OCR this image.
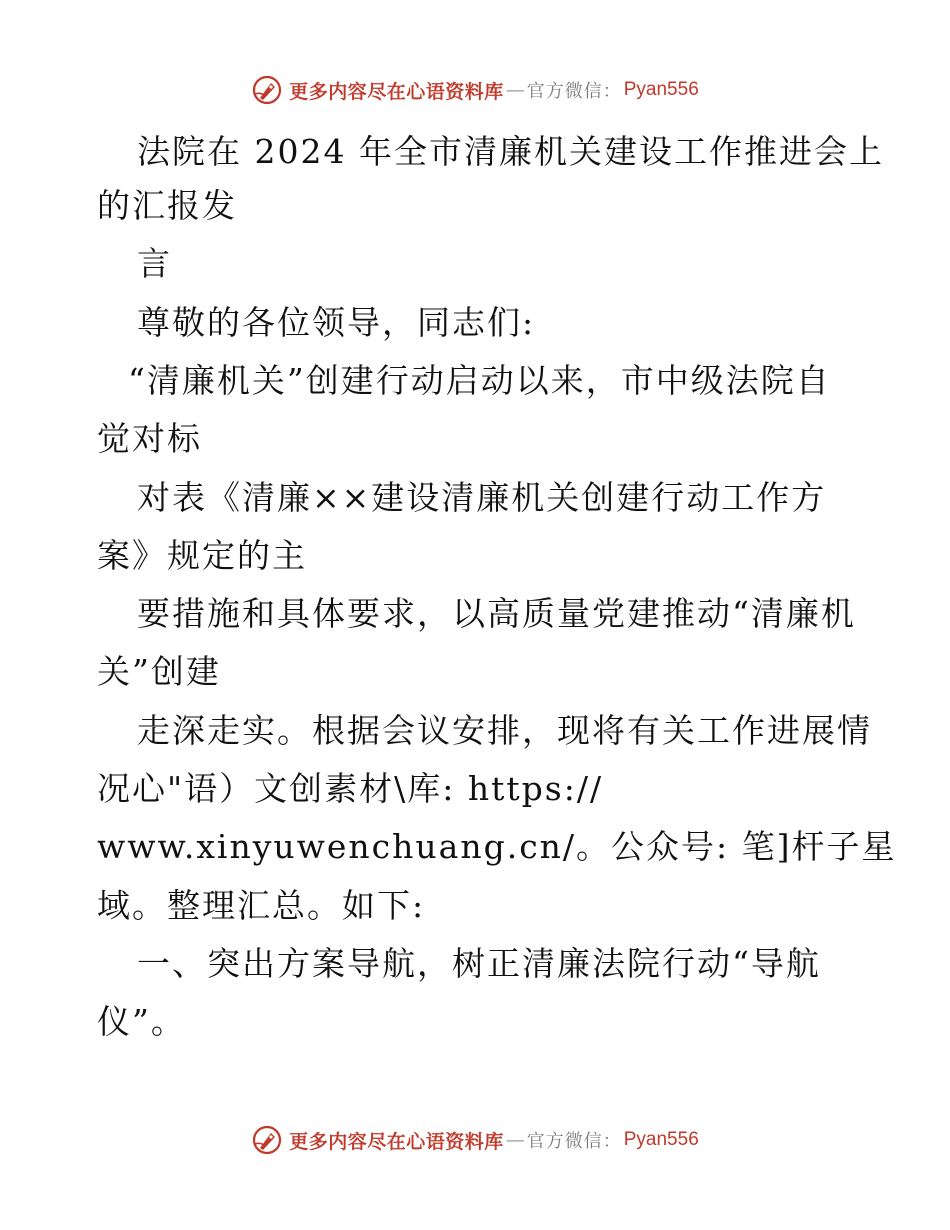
更多内容尽在心语资料库 — 官方微信： Pyan556
法院在 2024 年全市清廉机关建设工作推进会上
的汇报发
言
尊敬的各位领导，同志们:
“清廉机关”创建行动启动以来，市中级法院自
觉对标
对表《清廉××建设清廉机关创建行动工作方
案》规定的主
要措施和具体要求，以高质量党建推动“清廉机
关”创建
走深走实。根据会议安排，现将有关工作进展情
况心"语）文创素材\库: https://
www.xinyuwenchuang.cn/。公众号: 笔]杆子星
域。整理汇总。如下:
一、突出方案导航，树正清廉法院行动“导航
仪”。
更多内容尽在心语资料库 — 官方微信： Pyan556
